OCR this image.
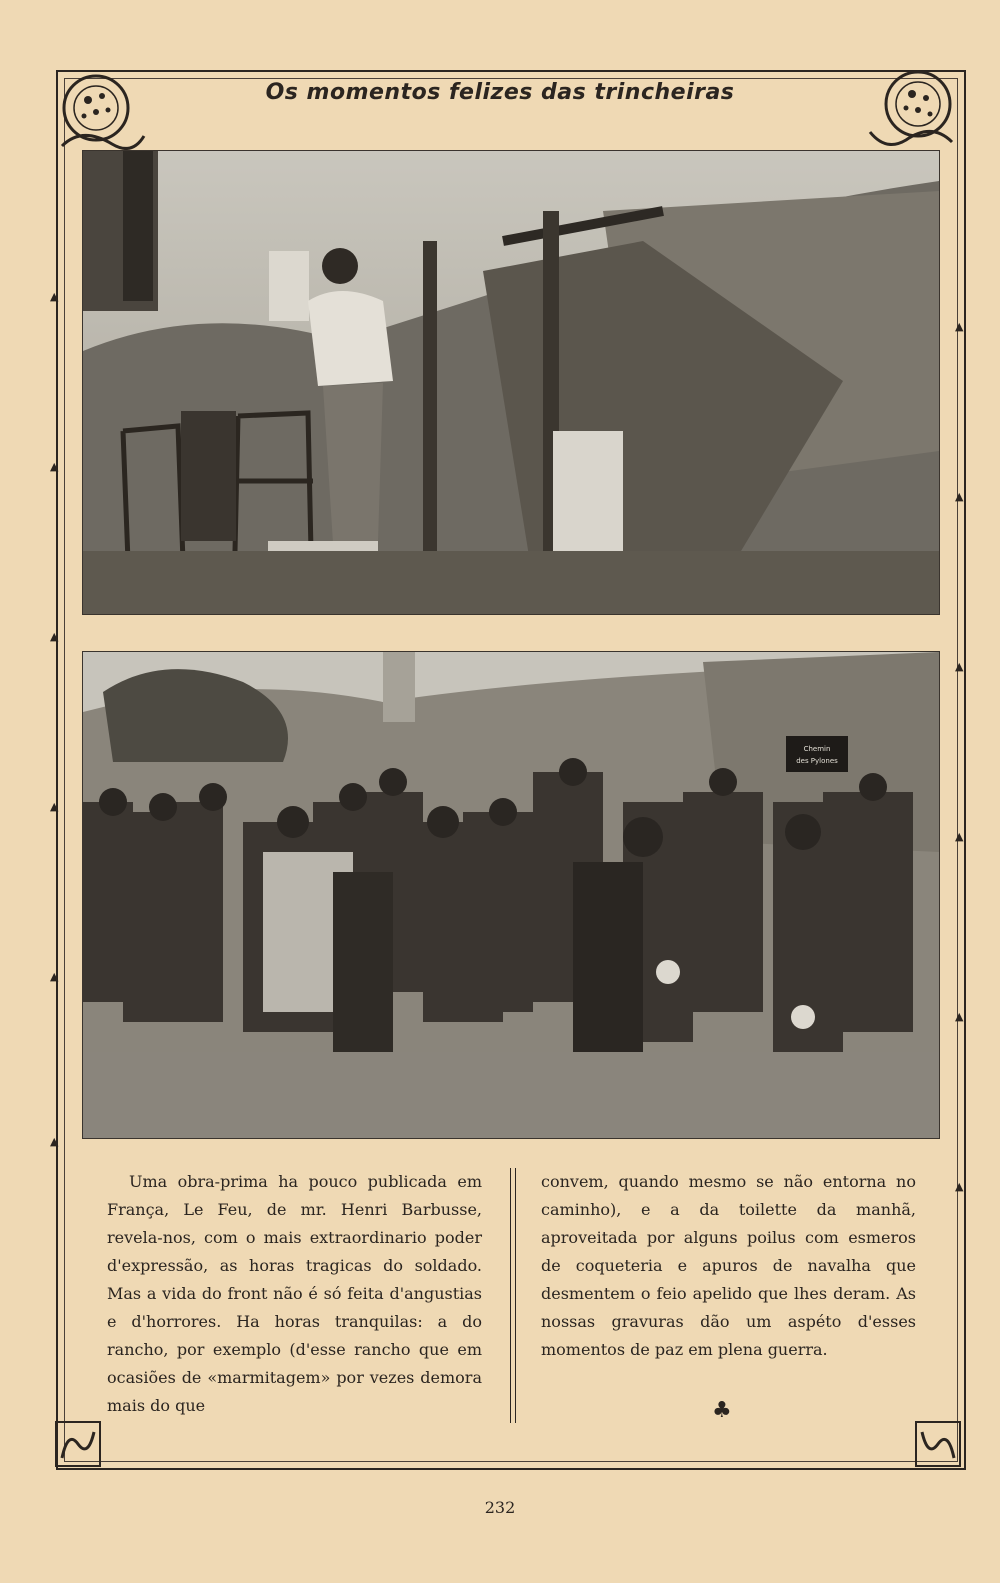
▲
▲
▲
▲
▲
▲
▲
▲
▲
▲
▲
▲
Os momentos felizes das trincheiras
Chemin
des Pylones

Uma obra-prima ha pouco publicada em França, Le Feu, de mr. Henri Barbusse, revela-nos, com o mais extraordinario poder d'expressão, as horas tragicas do soldado. Mas a vida do front não é só feita d'angustias e d'horrores. Ha horas tranquilas: a do rancho, por exemplo (d'esse rancho que em ocasiões de «marmitagem» por vezes demora mais do que

convem, quando mesmo se não entorna no caminho), e a da toilette da manhã, aproveitada por alguns poilus com esmeros de coqueteria e apuros de navalha que desmentem o feio apelido que lhes deram. As nossas gravuras dão um aspéto d'esses momentos de paz em plena guerra.

♣
232
